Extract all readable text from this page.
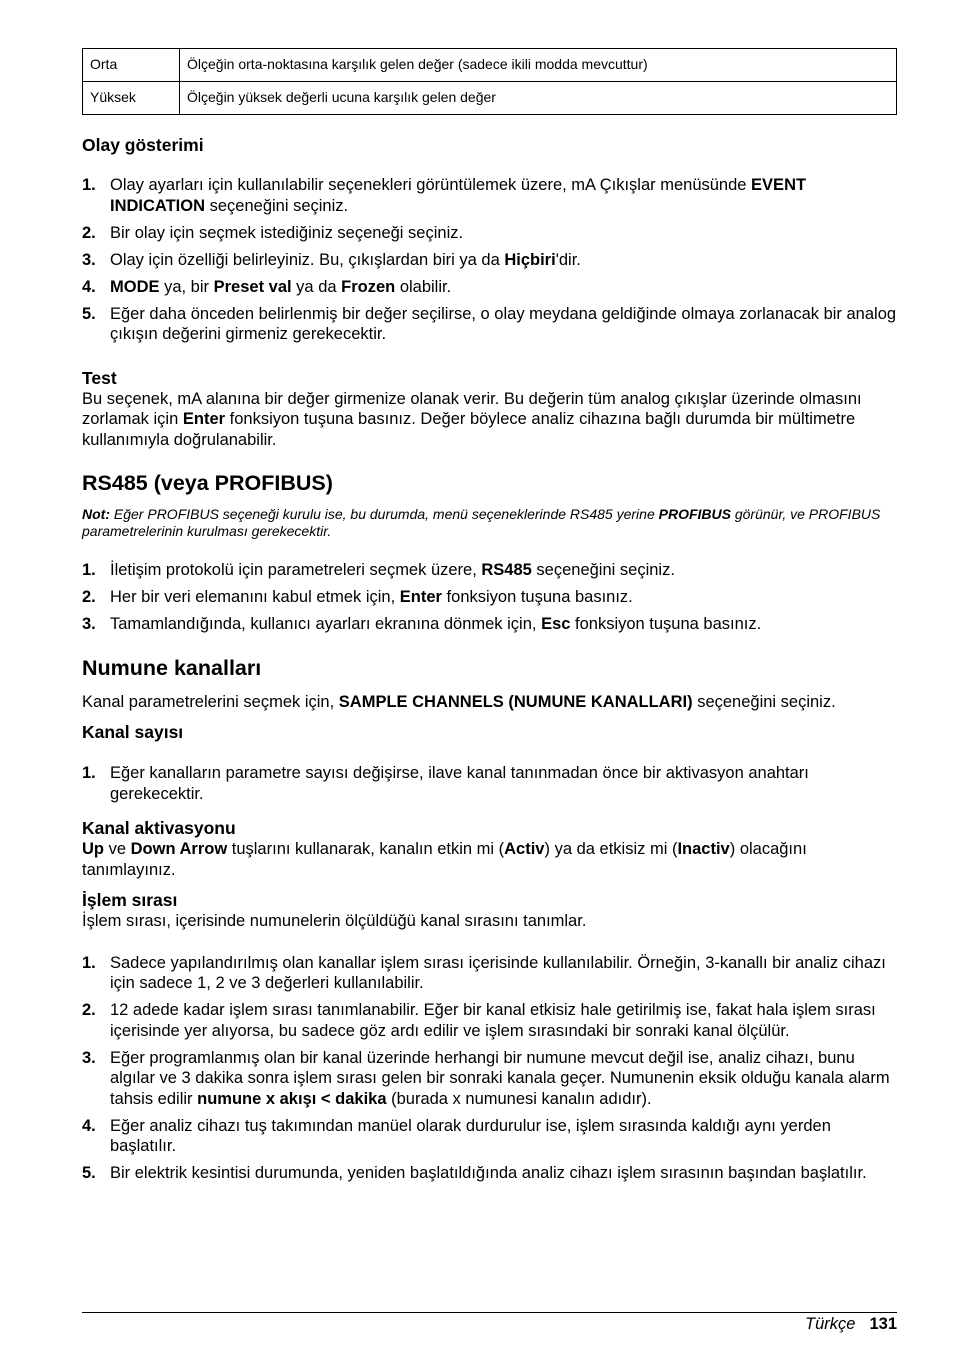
Orta	Ölçeğin orta-noktasına karşılık gelen değer (sadece ikili modda mevcuttur)
Yüksek	Ölçeğin yüksek değerli ucuna karşılık gelen değer
Olay gösterimi
1. Olay ayarları için kullanılabilir seçenekleri görüntülemek üzere, mA Çıkışlar menüsünde EVENT INDICATION seçeneğini seçiniz.
2. Bir olay için seçmek istediğiniz seçeneği seçiniz.
3. Olay için özelliği belirleyiniz. Bu, çıkışlardan biri ya da Hiçbiri'dir.
4. MODE ya, bir Preset val ya da Frozen olabilir.
5. Eğer daha önceden belirlenmiş bir değer seçilirse, o olay meydana geldiğinde olmaya zorlanacak bir analog çıkışın değerini girmeniz gerekecektir.
Test

Bu seçenek, mA alanına bir değer girmenize olanak verir. Bu değerin tüm analog çıkışlar üzerinde olmasını zorlamak için Enter fonksiyon tuşuna basınız. Değer böylece analiz cihazına bağlı durumda bir mültimetre kullanımıyla doğrulanabilir.

RS485 (veya PROFIBUS)

Not: Eğer PROFIBUS seçeneği kurulu ise, bu durumda, menü seçeneklerinde RS485 yerine PROFIBUS görünür, ve PROFIBUS parametrelerinin kurulması gerekecektir.

1. İletişim protokolü için parametreleri seçmek üzere, RS485 seçeneğini seçiniz.
2. Her bir veri elemanını kabul etmek için, Enter fonksiyon tuşuna basınız.
3. Tamamlandığında, kullanıcı ayarları ekranına dönmek için, Esc fonksiyon tuşuna basınız.
Numune kanalları

Kanal parametrelerini seçmek için, SAMPLE CHANNELS (NUMUNE KANALLARI) seçeneğini seçiniz.

Kanal sayısı
1. Eğer kanalların parametre sayısı değişirse, ilave kanal tanınmadan önce bir aktivasyon anahtarı gerekecektir.
Kanal aktivasyonu

Up ve Down Arrow tuşlarını kullanarak, kanalın etkin mi (Activ) ya da etkisiz mi (Inactiv) olacağını tanımlayınız.

İşlem sırası

İşlem sırası, içerisinde numunelerin ölçüldüğü kanal sırasını tanımlar.

1. Sadece yapılandırılmış olan kanallar işlem sırası içerisinde kullanılabilir. Örneğin, 3-kanallı bir analiz cihazı için sadece 1, 2 ve 3 değerleri kullanılabilir.
2. 12 adede kadar işlem sırası tanımlanabilir. Eğer bir kanal etkisiz hale getirilmiş ise, fakat hala işlem sırası içerisinde yer alıyorsa, bu sadece göz ardı edilir ve işlem sırasındaki bir sonraki kanal ölçülür.
3. Eğer programlanmış olan bir kanal üzerinde herhangi bir numune mevcut değil ise, analiz cihazı, bunu algılar ve 3 dakika sonra işlem sırası gelen bir sonraki kanala geçer. Numunenin eksik olduğu kanala alarm tahsis edilir numune x akışı < dakika (burada x numunesi kanalın adıdır).
4. Eğer analiz cihazı tuş takımından manüel olarak durdurulur ise, işlem sırasında kaldığı aynı yerden başlatılır.
5. Bir elektrik kesintisi durumunda, yeniden başlatıldığında analiz cihazı işlem sırasının başından başlatılır.
Türkçe 131
